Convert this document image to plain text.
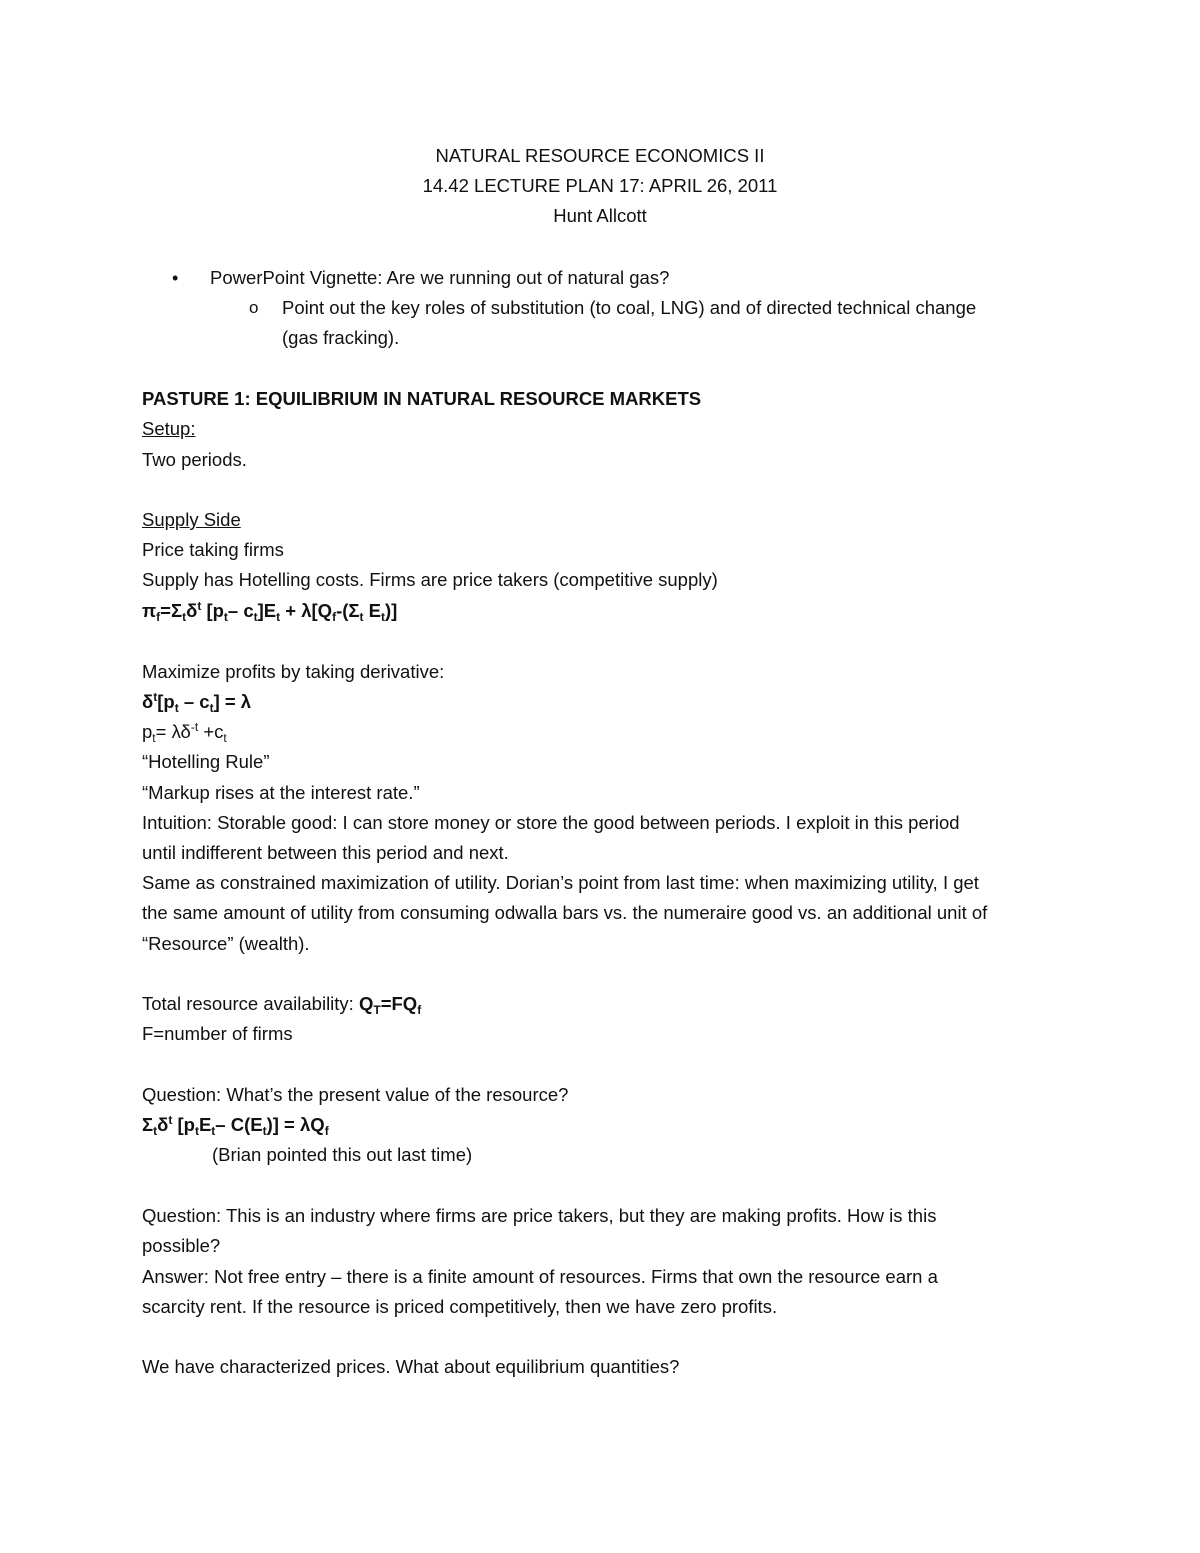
NATURAL RESOURCE ECONOMICS II
14.42 LECTURE PLAN 17: APRIL 26, 2011
Hunt Allcott
• PowerPoint Vignette: Are we running out of natural gas?
o Point out the key roles of substitution (to coal, LNG) and of directed technical change
(gas fracking).
PASTURE 1: EQUILIBRIUM IN NATURAL RESOURCE MARKETS
Setup:
Two periods.
Supply Side
Price taking firms
Supply has Hotelling costs. Firms are price takers (competitive supply)
$\pi_f=\Sigma_t\delta^t$ [$p_t-$ $c_t]E_t + \lambda[Q_f-(\Sigma_t$ $E_t$)]
Maximize profits by taking derivative:
$\delta^t[p_t - c_t] = \lambda$
$p_t= \lambda\delta^{-t} +c_t$
“Hotelling Rule”
“Markup rises at the interest rate.”
Intuition: Storable good: I can store money or store the good between periods. I exploit in this period
until indifferent between this period and next.
Same as constrained maximization of utility. Dorian’s point from last time: when maximizing utility, I get
the same amount of utility from consuming odwalla bars vs. the numeraire good vs. an additional unit of
“Resource” (wealth).
Total resource availability: $Q_T=FQ_f$
F=number of firms
Question: What’s the present value of the resource?
$\Sigma_t\delta^t$ [$p_tE_t-$ $C(E_t)] = \lambda Q_f$
(Brian pointed this out last time)
Question: This is an industry where firms are price takers, but they are making profits. How is this
possible?
Answer: Not free entry – there is a finite amount of resources. Firms that own the resource earn a
scarcity rent. If the resource is priced competitively, then we have zero profits.
We have characterized prices. What about equilibrium quantities?
